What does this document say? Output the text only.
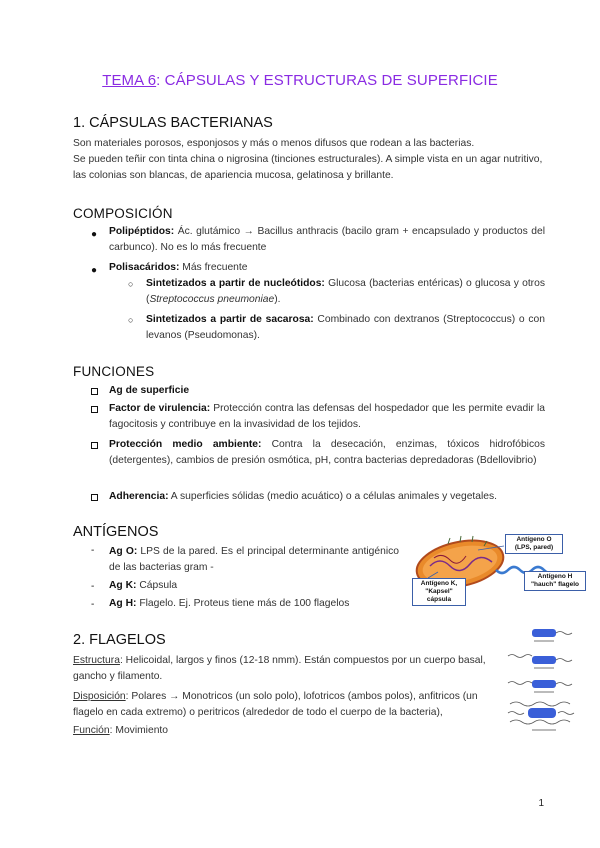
TEMA 6: CÁPSULAS Y ESTRUCTURAS DE SUPERFICIE
1. CÁPSULAS BACTERIANAS

Son materiales porosos, esponjosos y más o menos difusos que rodean a las bacterias.

Se pueden teñir con tinta china o nigrosina (tinciones estructurales). A simple vista en un agar nutritivo, las colonias son blancas, de apariencia mucosa, gelatinosa y brillante.

COMPOSICIÓN
● Polipéptidos: Ác. glutámico → Bacillus anthracis (bacilo gram + encapsulado y productos del carbunco). No es lo más frecuente
● Polisacáridos: Más frecuente
○ Sintetizados a partir de nucleótidos: Glucosa (bacterias entéricas) o glucosa y otros (Streptococcus pneumoniae).
○ Sintetizados a partir de sacarosa: Combinado con dextranos (Streptococcus) o con levanos (Pseudomonas).
FUNCIONES
Ag de superficie
Factor de virulencia: Protección contra las defensas del hospedador que les permite evadir la fagocitosis y contribuye en la invasividad de los tejidos.
Protección medio ambiente: Contra la desecación, enzimas, tóxicos hidrofóbicos (detergentes), cambios de presión osmótica, pH, contra bacterias depredadoras (Bdellovibrio)
Adherencia: A superficies sólidas (medio acuático) o a células animales y vegetales.
ANTÍGENOS
- Ag O: LPS de la pared. Es el principal determinante antigénico de las bacterias gram -
- Ag K: Cápsula
- Ag H: Flagelo. Ej. Proteus tiene más de 100 flagelos
Antígeno O
(LPS, pared)
Antígeno H
"hauch" flagelo
Antígeno K,
"Kapsel"
cápsula
2. FLAGELOS
Estructura: Helicoidal, largos y finos (12-18 nmm). Están compuestos por un cuerpo basal, gancho y filamento.
Disposición: Polares → Monotricos (un solo polo), lofotricos (ambos polos), anfitricos (un flagelo en cada extremo) o peritricos (alrededor de todo el cuerpo de la bacteria),
Función: Movimiento
1
